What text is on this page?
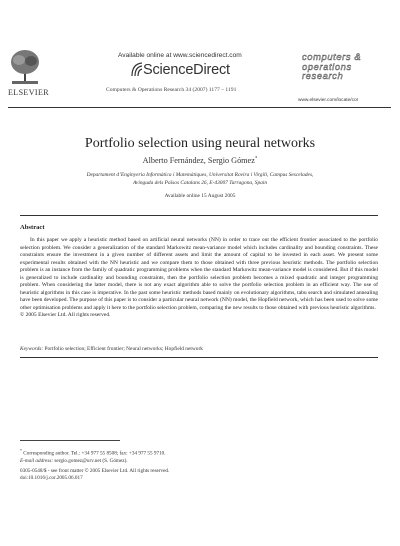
Available online at www.sciencedirect.com
ScienceDirect
ELSEVIER	Computers & Operations Research 34 (2007) 1177 – 1191
computers &
operations
research
www.elsevier.com/locate/cor
Portfolio selection using neural networks
Alberto Fernández, Sergio Gómez*
Departament d’Enginyeria Informàtica i Matemàtiques, Universitat Rovira i Virgili, Campus Sescelades,
Avinguda dels Països Catalans 26, E-43007 Tarragona, Spain
Available online 15 August 2005
Abstract

In this paper we apply a heuristic method based on artificial neural networks (NN) in order to trace out the efficient frontier associated to the portfolio selection problem. We consider a generalization of the standard Markowitz mean-variance model which includes cardinality and bounding constraints. These constraints ensure the investment in a given number of different assets and limit the amount of capital to be invested in each asset. We present some experimental results obtained with the NN heuristic and we compare them to those obtained with three previous heuristic methods. The portfolio selection problem is an instance from the family of quadratic programming problems when the standard Markowitz mean-variance model is considered. But if this model is generalized to include cardinality and bounding constraints, then the portfolio selection problem becomes a mixed quadratic and integer programming problem. When considering the latter model, there is not any exact algorithm able to solve the portfolio selection problem in an efficient way. The use of heuristic algorithms in this case is imperative. In the past some heuristic methods based mainly on evolutionary algorithms, tabu search and simulated annealing have been developed. The purpose of this paper is to consider a particular neural network (NN) model, the Hopfield network, which has been used to solve some other optimisation problems and apply it here to the portfolio selection problem, comparing the new results to those obtained with previous heuristic algorithms.

© 2005 Elsevier Ltd. All rights reserved.

Keywords: Portfolio selection; Efficient frontier; Neural networks; Hopfield network
* Corresponding author. Tel.: +34 977 55 8508; fax: +34 977 55 9710.
E-mail address: sergio.gomez@urv.net (S. Gómez).
0305-0548/$ - see front matter © 2005 Elsevier Ltd. All rights reserved.
doi:10.1016/j.cor.2005.06.017
